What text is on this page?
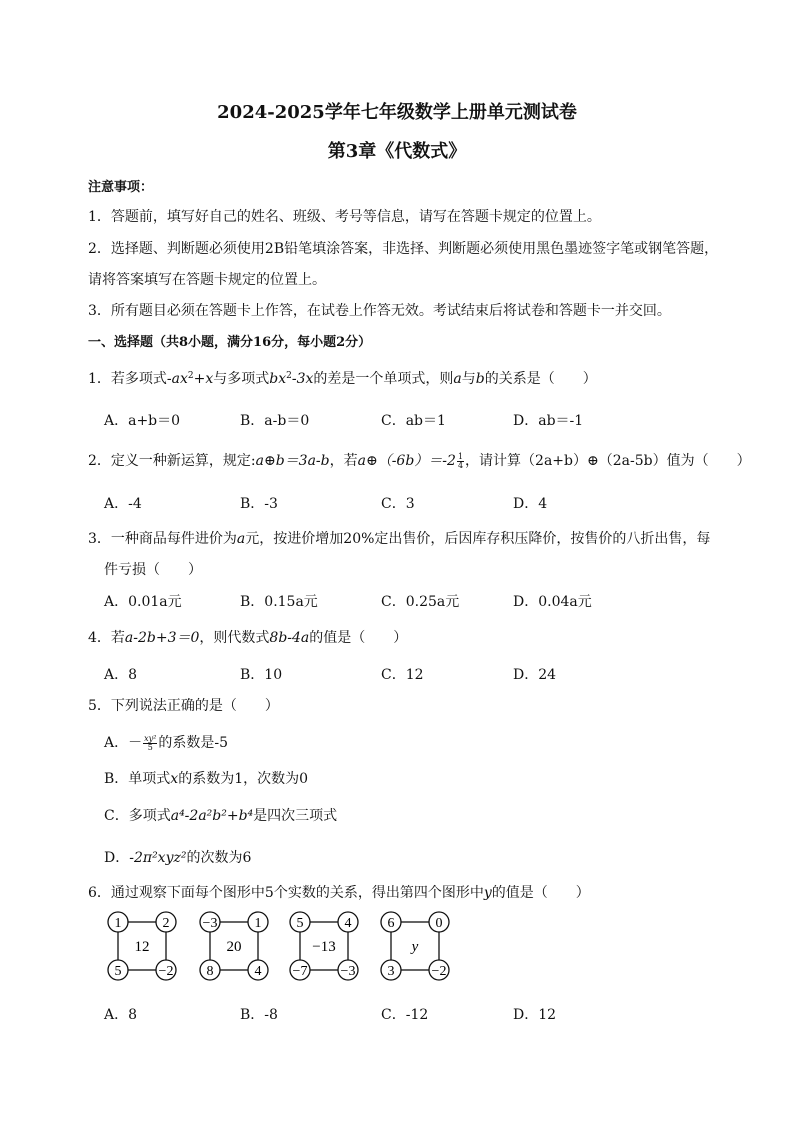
2024-2025学年七年级数学上册单元测试卷
第3章《代数式》
注意事项：
1．答题前，填写好自己的姓名、班级、考号等信息，请写在答题卡规定的位置上。
2．选择题、判断题必须使用2B铅笔填涂答案，非选择、判断题必须使用黑色墨迹签字笔或钢笔答题，
请将答案填写在答题卡规定的位置上。
3．所有题目必须在答题卡上作答，在试卷上作答无效。考试结束后将试卷和答题卡一并交回。
一、选择题（共8小题，满分16分，每小题2分）
1．若多项式$-ax^2+x$与多项式$bx^2-3x$的差是一个单项式，则a与b的关系是（　　）
A．a+b＝0	B．a-b＝0	C．ab＝1	D．ab＝-1
2．定义一种新运算，规定:a⊕b＝3a-b，若a⊕（-6b）＝-2 $\frac{1}{4}$ ，请计算（2a+b）⊕（2a-5b）值为（　　）
A．-4	B．-3	C．3	D．4
3．一种商品每件进价为a元，按进价增加20%定出售价，后因库存积压降价，按售价的八折出售，每
件亏损（　　）
A．0.01a元	B．0.15a元	C．0.25a元	D．0.04a元
4．若a-2b+3＝0，则代数式8b-4a的值是（　　）
A．8	B．10	C．12	D．24
5．下列说法正确的是（　　）
A．－ $\frac{\text{xy²}}{5}$ 的系数是-5
B．单项式x的系数为1，次数为0
C．多项式a⁴-2a²b²+b⁴是四次三项式
D．-2π²xyz²的次数为6
6．通过观察下面每个图形中5个实数的关系，得出第四个图形中y的值是（　　）
1	2
5	−2
12
−3	1
8	4
20
5	4
−7 −3
−13
6	0
3	−2
y
A．8	B．-8	C．-12	D．12
